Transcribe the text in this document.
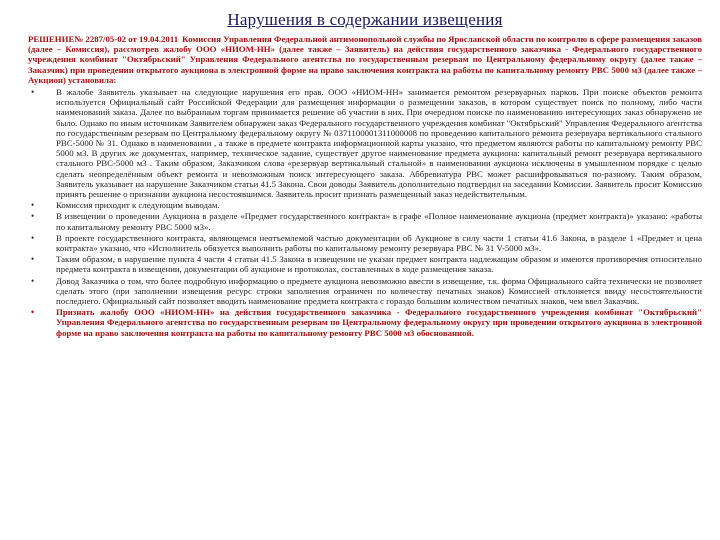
Нарушения в содержании извещения

РЕШЕНИЕ№ 2287/05-02 от 19.04.2011 Комиссия Управления Федеральной антимонопольной службы по Ярославской области по контролю в сфере размещения заказов (далее – Комиссия), рассмотрев жалобу ООО «НИОМ-НН» (далее также – Заявитель) на действия государственного заказчика - Федерального государственного учреждения комбинат "Октябрьский" Управления Федерального агентства по государственным резервам по Центральному федеральному округу (далее также – Заказчик) при проведении открытого аукциона в электронной форме на право заключения контракта на работы по капитальному ремонту РВС 5000 м3 (далее также – Аукцион) установила:

• В жалобе Заявитель указывает на следующие нарушения его прав. ООО «НИОМ-НН» занимается ремонтом резервуарных парков. При поиске объектов ремонта используется Официальный сайт Российской Федерации для размещения информации о размещении заказов, в котором существует поиск по полному, либо части наименований заказа. Далее по выбранным торгам принимается решение об участии в них. При очередном поиске по наименованию интересующих заказ обнаружено не было. Однако по иным источникам Заявителем обнаружен заказ Федерального государственного учреждения комбинат "Октябрьский" Управления Федерального агентства по государственным резервам по Центральному федеральному округу № 0371100001311000008 по проведению капитального ремонта резервуара вертикального стального РВС-5000 № 31. Однако в наименовании , а также в предмете контракта информационной карты указано, что предметом являются работы по капитальному ремонту РВС 5000 м3. В других же документах, например, техническое задание, существует другое наименование предмета аукциона: капитальный ремонт резервуара вертикального стального РВС-5000 м3 . Таким образом, Заказчиком слова «резервуар вертикальный стальной» в наименовании аукциона исключены в умышленном порядке с целью сделать неопределённым объект ремонта и невозможным поиск интересующего заказа. Аббревиатура РВС может расшифровываться по-разному. Таким образом, Заявитель указывает на нарушение Заказчиком статьи 41.5 Закона. Свои доводы Заявитель дополнительно подтвердил на заседании Комиссии. Заявитель просит Комиссию принять решение о признании аукциона несостоявшимся. Заявитель просит признать размещенный заказ недействительным.
• Комиссия приходит к следующим выводам.
• В извещении о проведении Аукциона в разделе «Предмет государственного контракта» в графе «Полное наименование аукциона (предмет контракта)» указано: «работы по капитальному ремонту РВС 5000 м3».
• В проекте государственного контракта, являющемся неотъемлемой частью документации об Аукционе в силу части 1 статьи 41.6 Закона, в разделе 1 «Предмет и цена контракта» указано, что «Исполнитель обязуется выполнить работы по капитальному ремонту резервуара РВС № 31 V-5000 м3».
• Таким образом, в нарушение пункта 4 части 4 статьи 41.5 Закона в извещении не указан предмет контракта надлежащим образом и имеются противоречия относительно предмета контракта в извещении, документации об аукционе и протоколах, составленных в ходе размещения заказа.
• Довод Заказчика о том, что более подробную информацию о предмете аукциона невозможно ввести в извещение, т.к. форма Официального сайта технически не позволяет сделать этого (при заполнении извещения ресурс строки заполнения ограничен по количеству печатных знаков) Комиссией отклоняется ввиду несостоятельности последнего. Официальный сайт позволяет вводить наименование предмета контракта с гораздо большим количеством печатных знаков, чем ввел Заказчик.
• Признать жалобу ООО «НИОМ-НН» на действия государственного заказчика - Федерального государственного учреждения комбинат "Октябрьский" Управления Федерального агентства по государственным резервам по Центральному федеральному округу при проведении открытого аукциона в электронной форме на право заключения контракта на работы по капитальному ремонту РВС 5000 м3 обоснованной.
